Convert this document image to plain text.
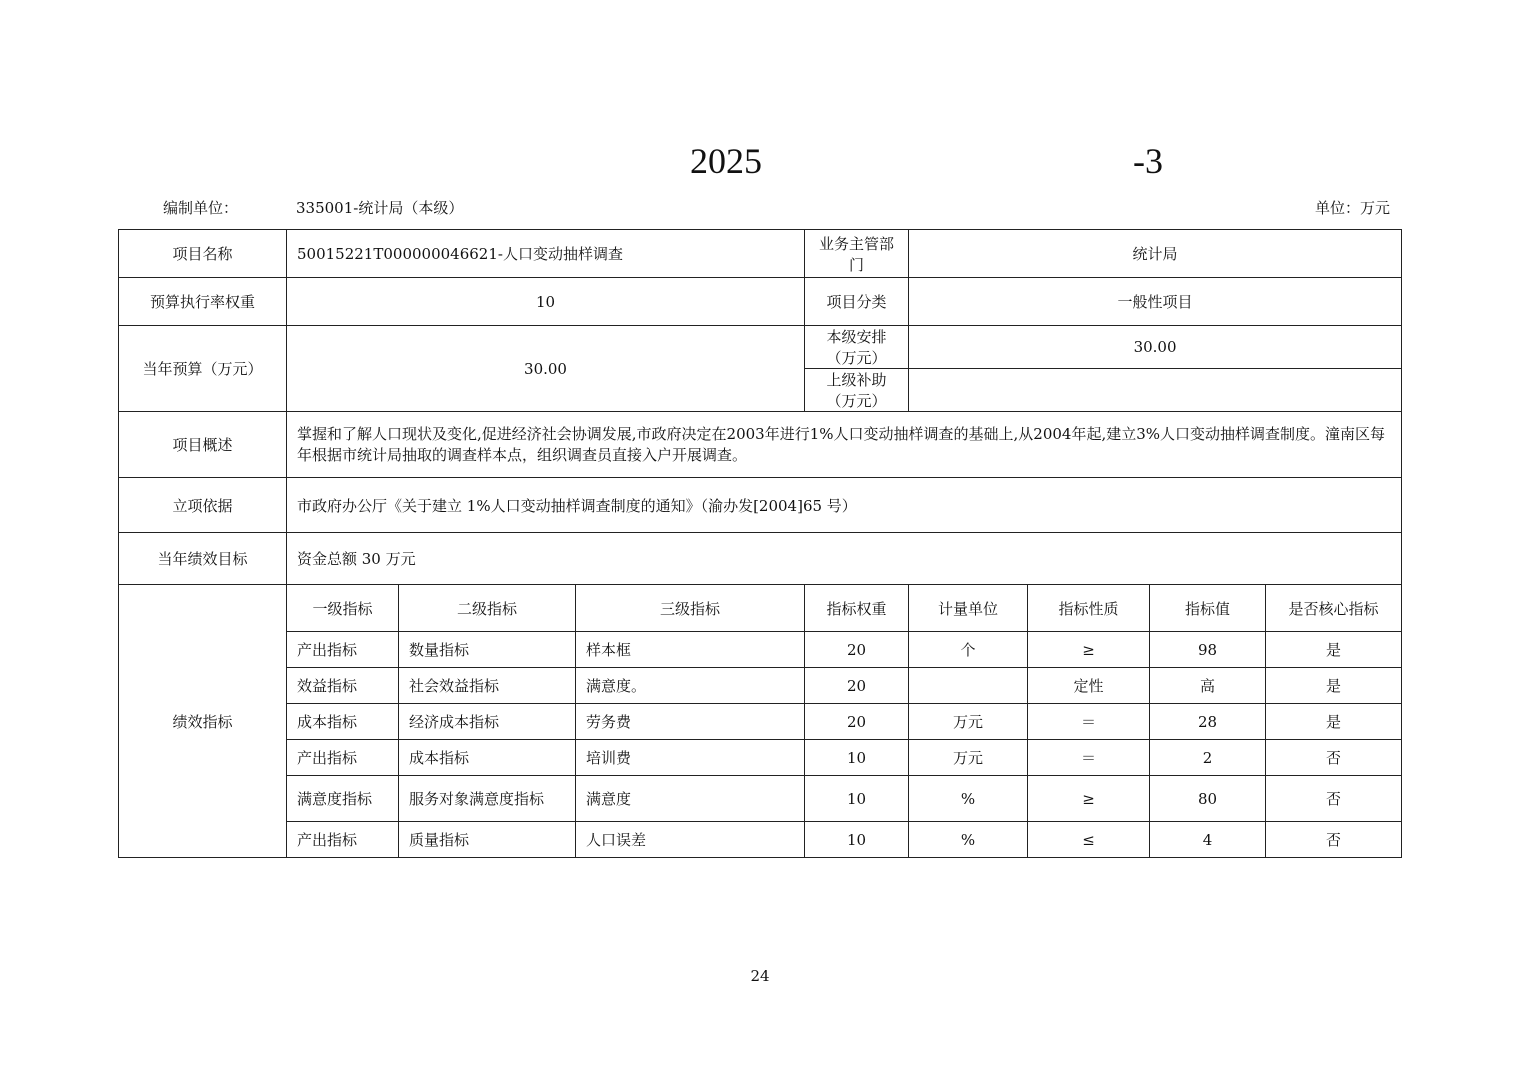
2025	-3
编制单位：	335001-统计局（本级）	单位：万元
项目名称	50015221T000000046621-人口变动抽样调查			业务主管部门	统计局			
预算执行率权重	10			项目分类	一般性项目			
当年预算（万元）	30.00			本级安排（万元）	30.00			
				上级补助（万元）				
项目概述	掌握和了解人口现状及变化,促进经济社会协调发展,市政府决定在2003年进行1%人口变动抽样调查的基础上,从2004年起,建立3%人口变动抽样调查制度。潼南区每年根据市统计局抽取的调查样本点，组织调查员直接入户开展调查。							
立项依据	市政府办公厅《关于建立 1%人口变动抽样调查制度的通知》（渝办发[2004]65 号）							
当年绩效目标	资金总额 30 万元							
绩效指标	一级指标	二级指标	三级指标	指标权重	计量单位	指标性质	指标值	是否核心指标
	产出指标	数量指标	样本框	20	个	≥	98	是
	效益指标	社会效益指标	满意度。	20		定性	高	是
	成本指标	经济成本指标	劳务费	20	万元	＝	28	是
	产出指标	成本指标	培训费	10	万元	＝	2	否
	满意度指标	服务对象满意度指标	满意度	10	%	≥	80	否
	产出指标	质量指标	人口误差	10	%	≤	4	否
24
